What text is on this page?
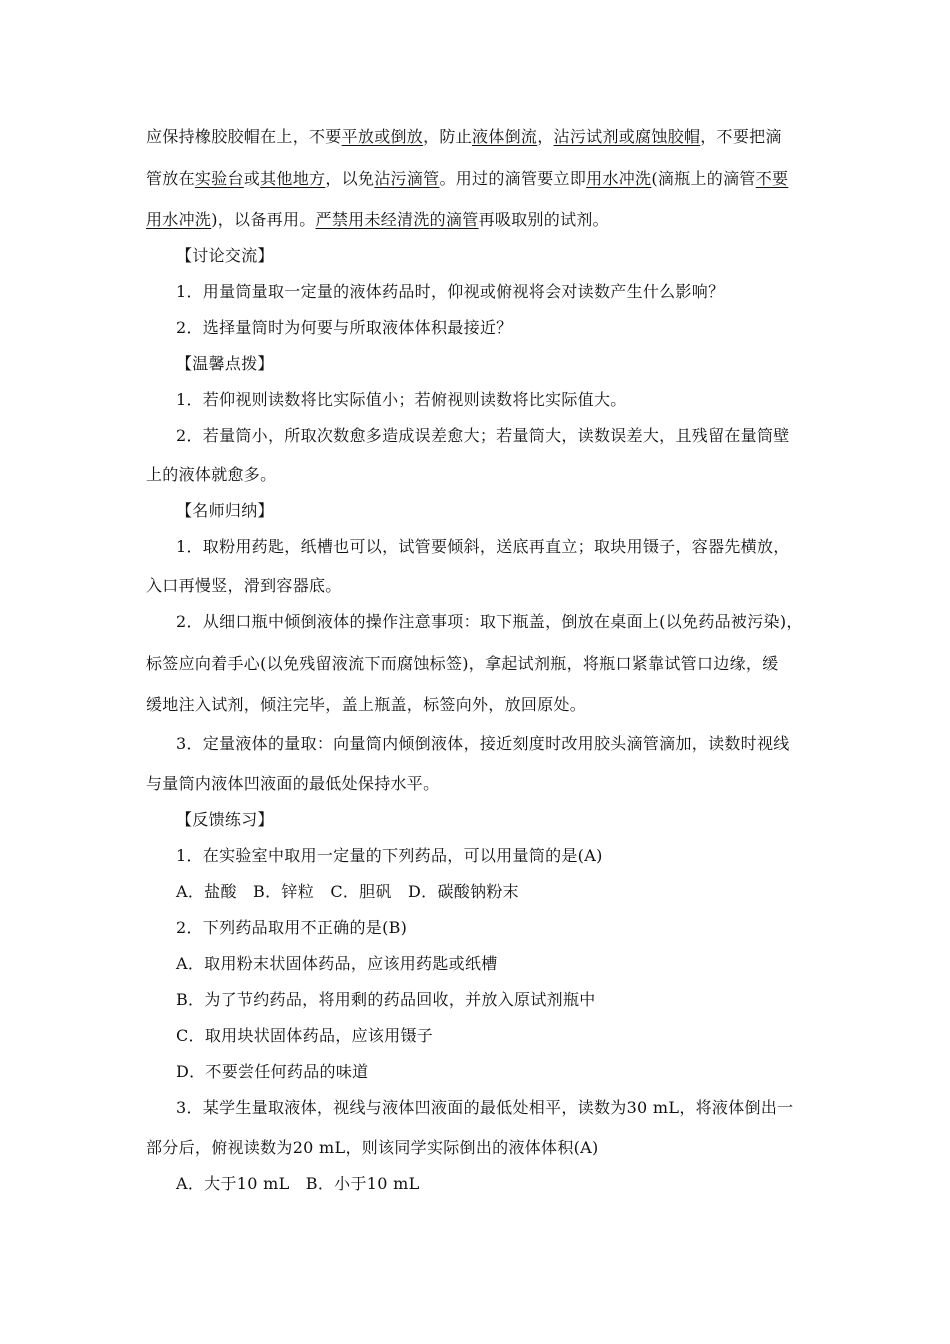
应保持橡胶胶帽在上，不要平放或倒放，防止液体倒流，沾污试剂或腐蚀胶帽，不要把滴
管放在实验台或其他地方，以免沾污滴管。用过的滴管要立即用水冲洗(滴瓶上的滴管不要
用水冲洗)，以备再用。严禁用未经清洗的滴管再吸取别的试剂。
【讨论交流】
1．用量筒量取一定量的液体药品时，仰视或俯视将会对读数产生什么影响？
2．选择量筒时为何要与所取液体体积最接近？
【温馨点拨】
1．若仰视则读数将比实际值小；若俯视则读数将比实际值大。
2．若量筒小，所取次数愈多造成误差愈大；若量筒大，读数误差大，且残留在量筒壁
上的液体就愈多。
【名师归纳】
1．取粉用药匙，纸槽也可以，试管要倾斜，送底再直立；取块用镊子，容器先横放，
入口再慢竖，滑到容器底。
2．从细口瓶中倾倒液体的操作注意事项：取下瓶盖，倒放在桌面上(以免药品被污染)，
标签应向着手心(以免残留液流下而腐蚀标签)，拿起试剂瓶，将瓶口紧靠试管口边缘，缓
缓地注入试剂，倾注完毕，盖上瓶盖，标签向外，放回原处。
3．定量液体的量取：向量筒内倾倒液体，接近刻度时改用胶头滴管滴加，读数时视线
与量筒内液体凹液面的最低处保持水平。
【反馈练习】
1．在实验室中取用一定量的下列药品，可以用量筒的是(A)
A．盐酸　B．锌粒　C．胆矾　D．碳酸钠粉末
2．下列药品取用不正确的是(B)
A．取用粉末状固体药品，应该用药匙或纸槽
B．为了节约药品，将用剩的药品回收，并放入原试剂瓶中
C．取用块状固体药品，应该用镊子
D．不要尝任何药品的味道
3．某学生量取液体，视线与液体凹液面的最低处相平，读数为30 mL，将液体倒出一
部分后，俯视读数为20 mL，则该同学实际倒出的液体体积(A)
A．大于10 mL　B．小于10 mL
